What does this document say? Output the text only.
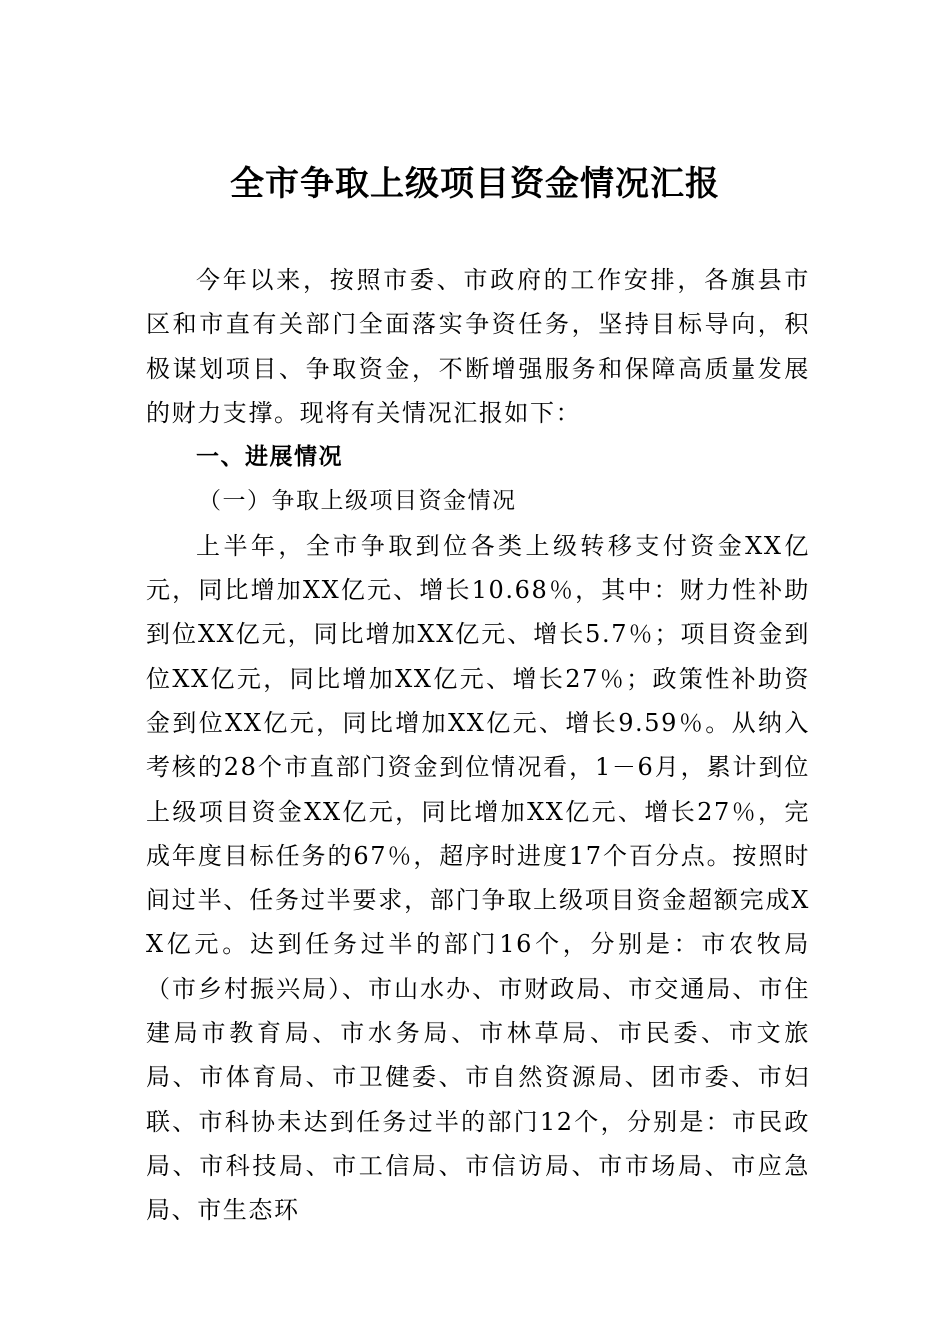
全市争取上级项目资金情况汇报

今年以来，按照市委、市政府的工作安排，各旗县市区和市直有关部门全面落实争资任务，坚持目标导向，积极谋划项目、争取资金，不断增强服务和保障高质量发展的财力支撑。现将有关情况汇报如下：

一、进展情况

（一）争取上级项目资金情况

上半年，全市争取到位各类上级转移支付资金XX亿元，同比增加XX亿元、增长10.68％，其中：财力性补助到位XX亿元，同比增加XX亿元、增长5.7％；项目资金到位XX亿元，同比增加XX亿元、增长27％；政策性补助资金到位XX亿元，同比增加XX亿元、增长9.59％。从纳入考核的28个市直部门资金到位情况看，1－6月，累计到位上级项目资金XX亿元，同比增加XX亿元、增长27％，完成年度目标任务的67％，超序时进度17个百分点。按照时间过半、任务过半要求，部门争取上级项目资金超额完成XX亿元。达到任务过半的部门16个，分别是：市农牧局（市乡村振兴局）、市山水办、市财政局、市交通局、市住建局市教育局、市水务局、市林草局、市民委、市文旅局、市体育局、市卫健委、市自然资源局、团市委、市妇联、市科协未达到任务过半的部门12个，分别是：市民政局、市科技局、市工信局、市信访局、市市场局、市应急局、市生态环
